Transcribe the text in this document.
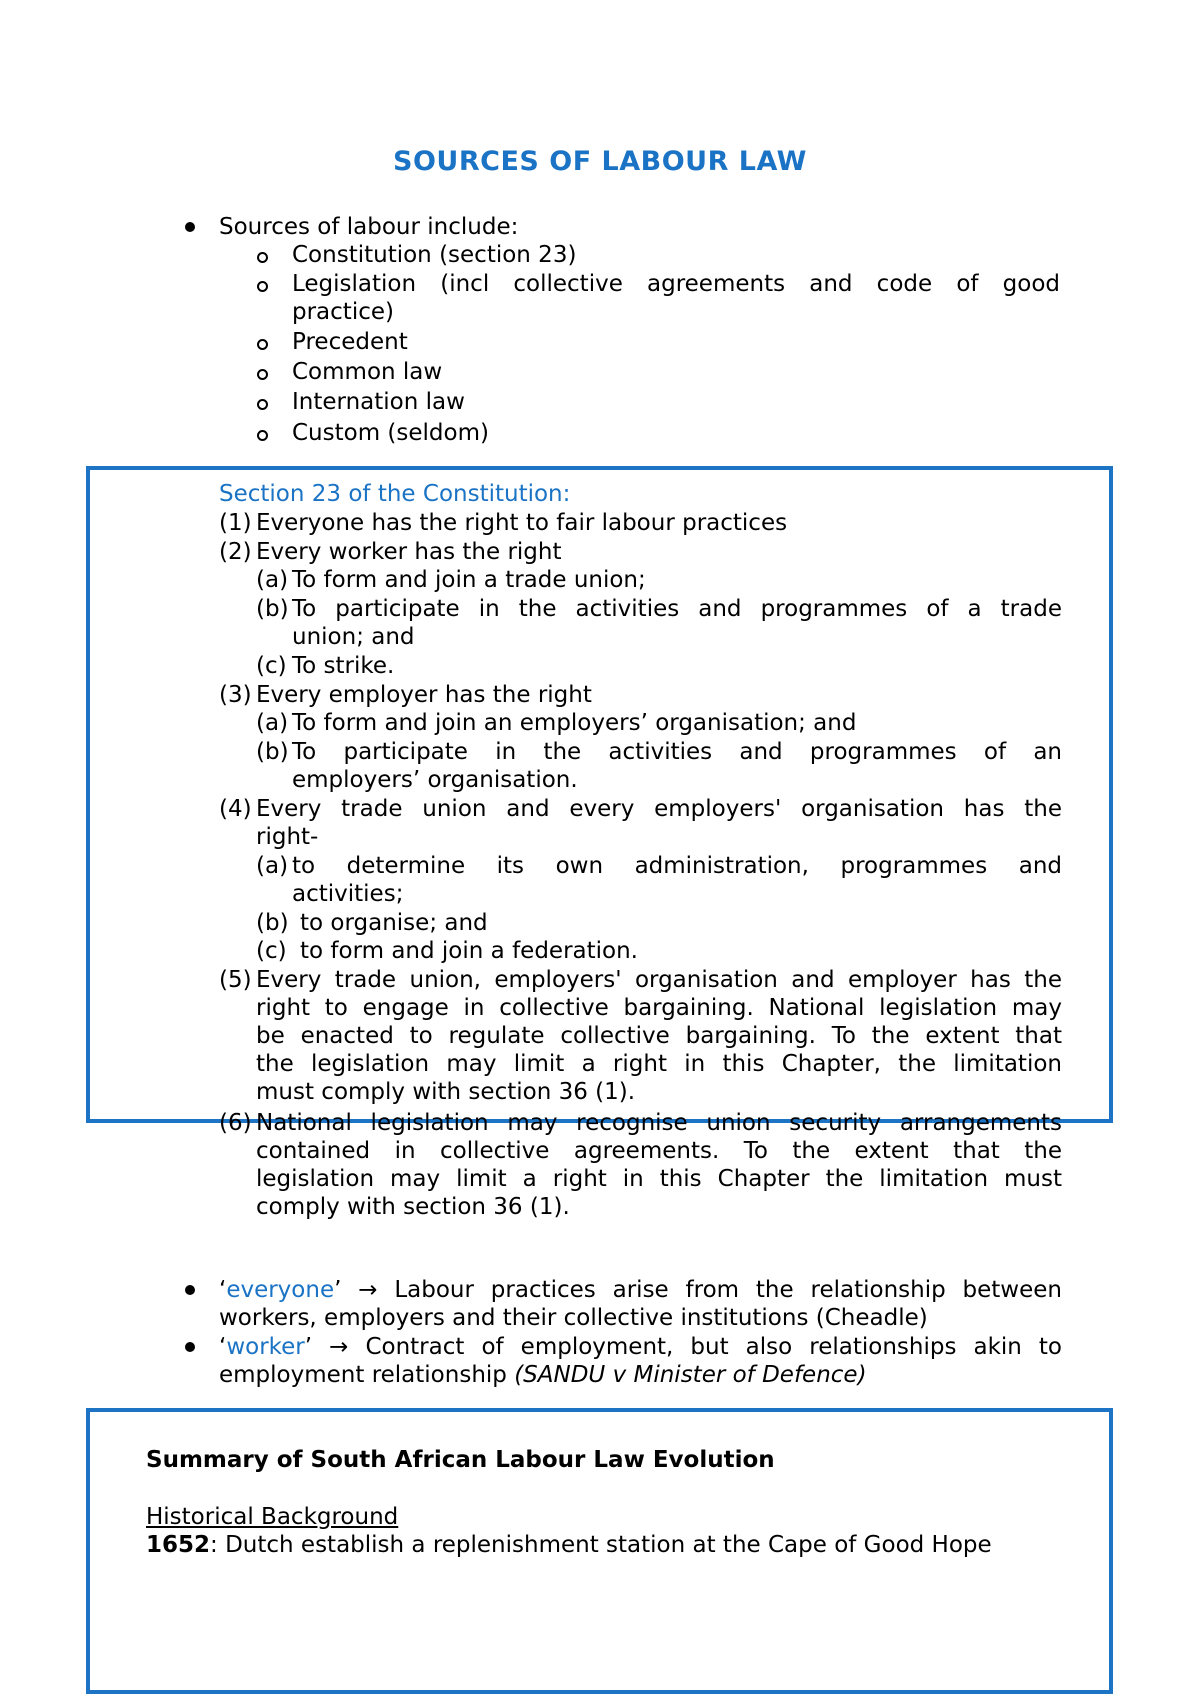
SOURCES OF LABOUR LAW
Sources of labour include:
Constitution (section 23)
Legislation (incl collective agreements and code of good
practice)
Precedent
Common law
Internation law
Custom (seldom)
Section 23 of the Constitution:
(1) Everyone has the right to fair labour practices
(2) Every worker has the right
(a) To form and join a trade union;
(b) To participate in the activities and programmes of a trade
union; and
(c) To strike.
(3) Every employer has the right
(a) To form and join an employers’ organisation; and
(b) To participate in the activities and programmes of an
employers’ organisation.
(4) Every trade union and every employers' organisation has the
right-
(a) to determine its own administration, programmes and
activities;
(b) to organise; and
(c) to form and join a federation.
(5) Every trade union, employers' organisation and employer has the
right to engage in collective bargaining. National legislation may
be enacted to regulate collective bargaining. To the extent that
the legislation may limit a right in this Chapter, the limitation
must comply with section 36 (1).
(6) National legislation may recognise union security arrangements
contained in collective agreements. To the extent that the
legislation may limit a right in this Chapter the limitation must
comply with section 36 (1).
‘everyone’ → Labour practices arise from the relationship between
workers, employers and their collective institutions (Cheadle)
‘worker’ → Contract of employment, but also relationships akin to
employment relationship (SANDU v Minister of Defence)
Summary of South African Labour Law Evolution
Historical Background
1652: Dutch establish a replenishment station at the Cape of Good Hope
